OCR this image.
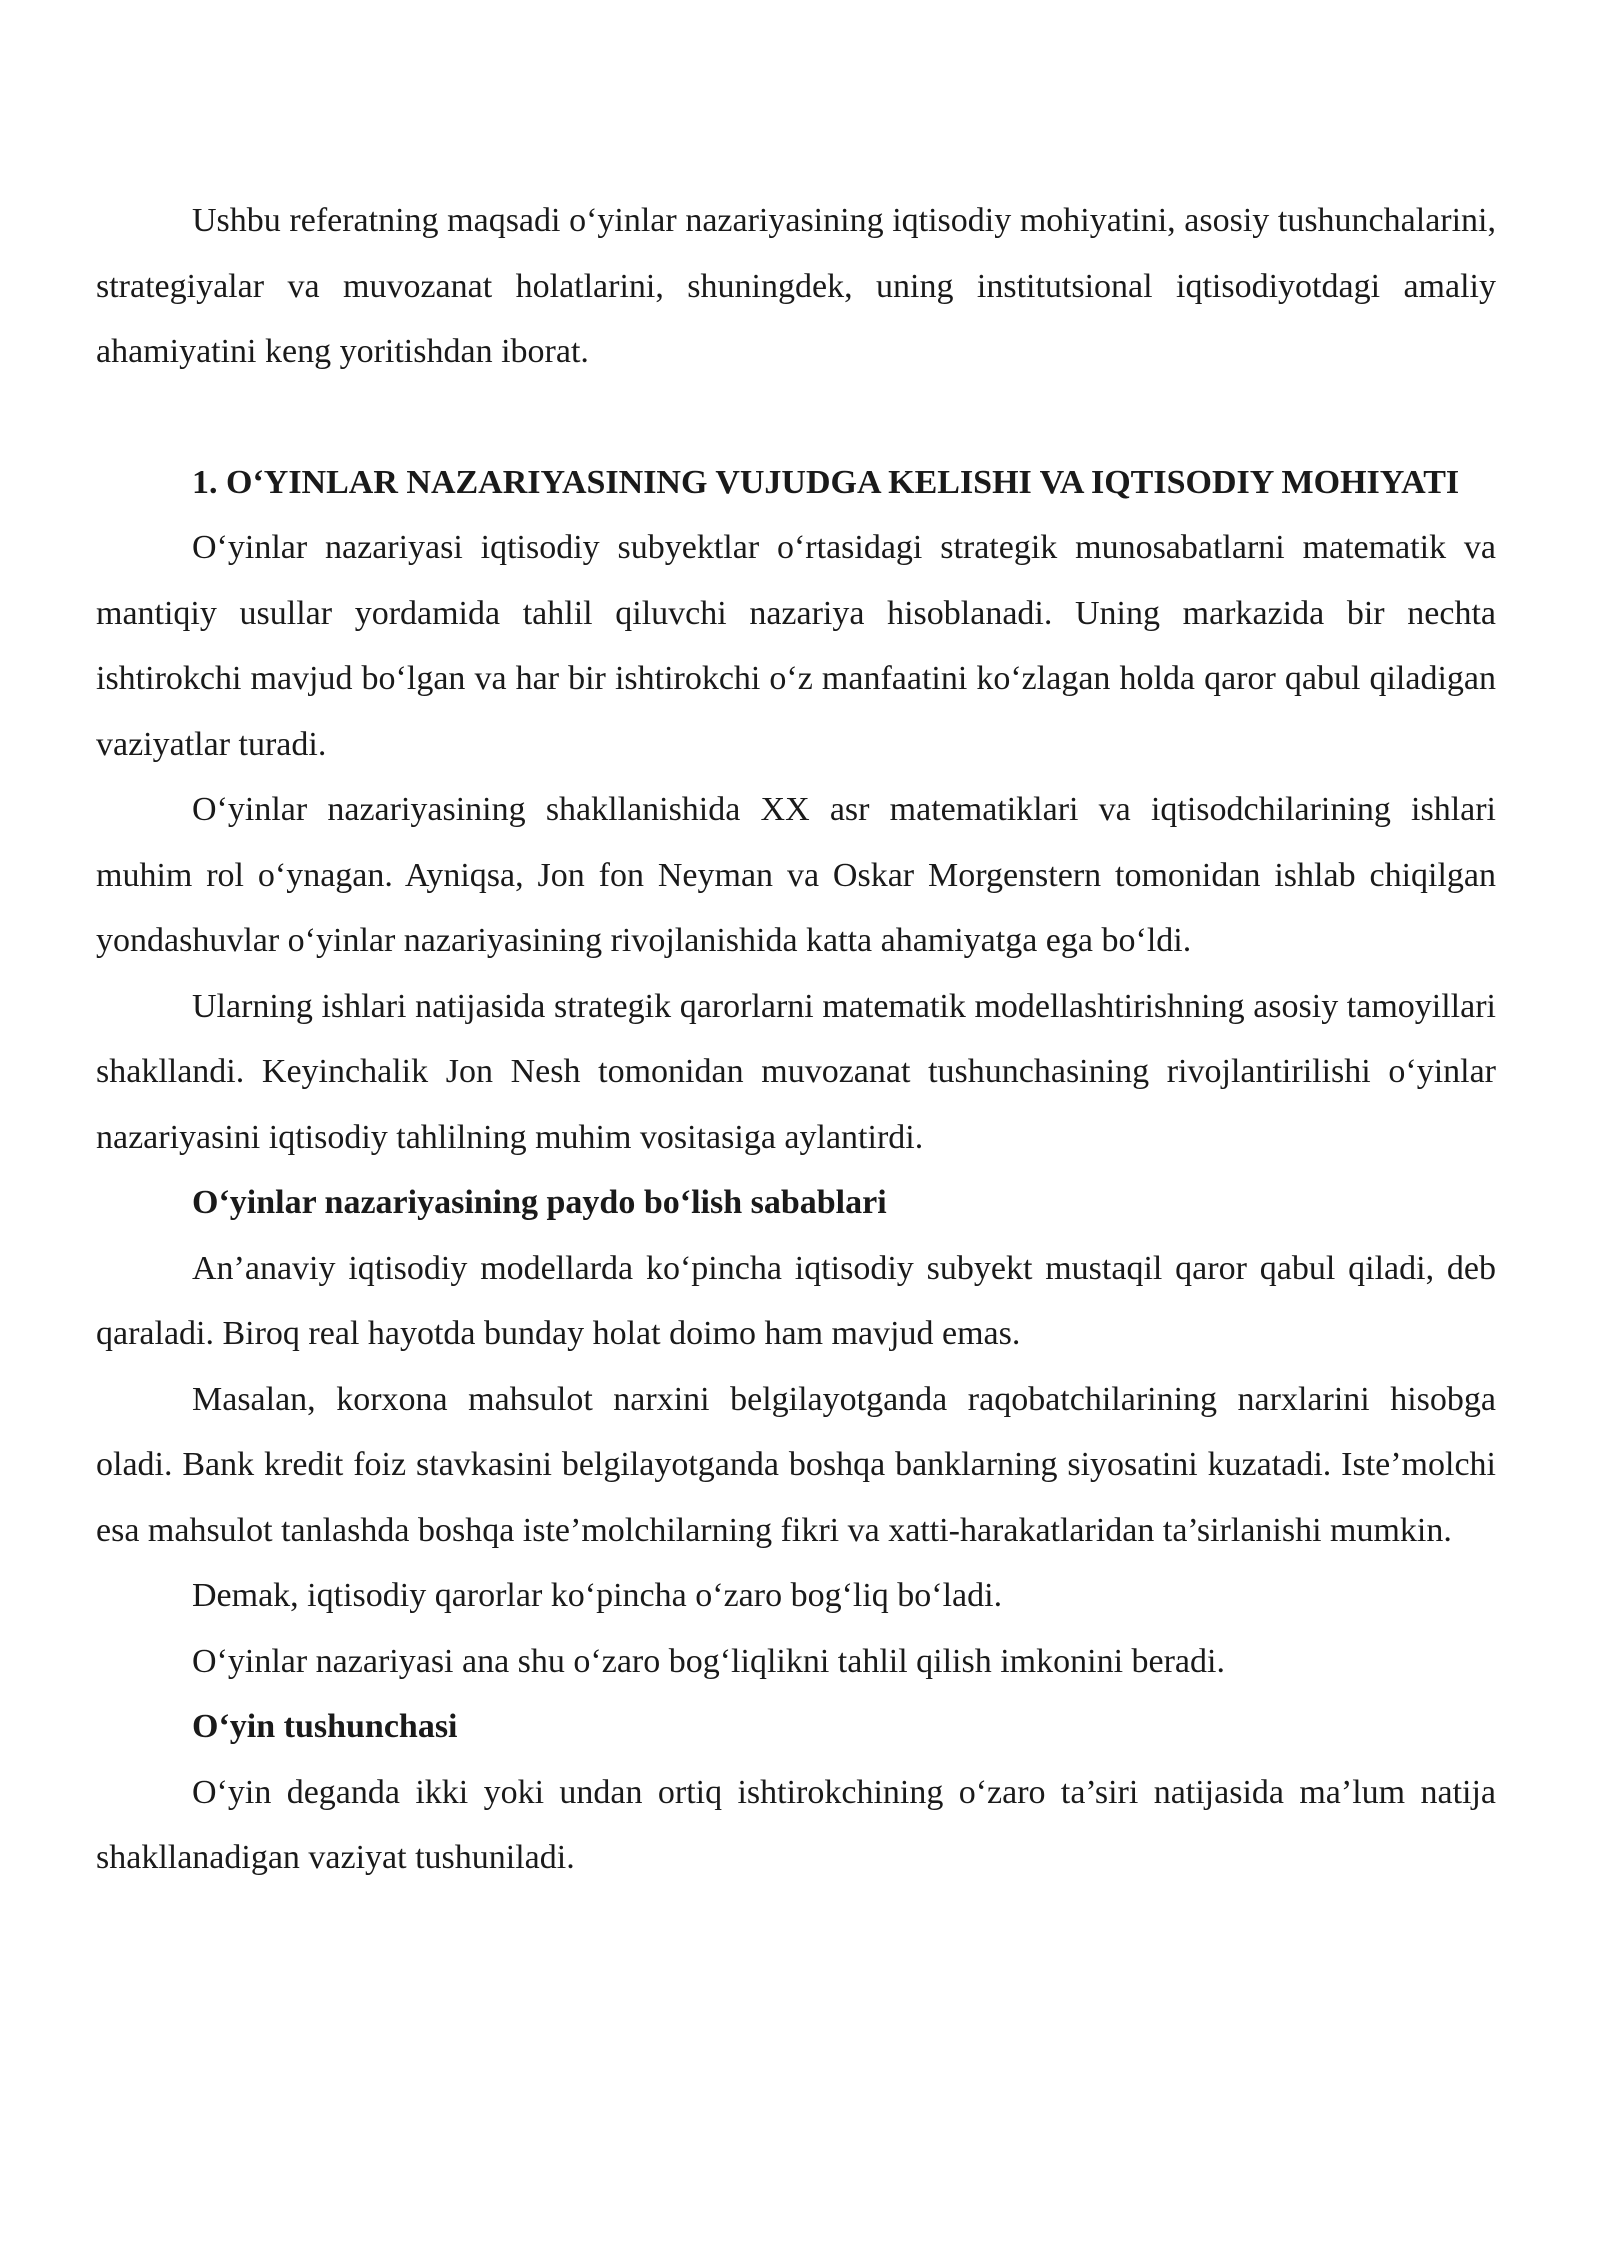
Ushbu referatning maqsadi o‘yinlar nazariyasining iqtisodiy mohiyatini, asosiy tushunchalarini, strategiyalar va muvozanat holatlarini, shuningdek, uning institutsional iqtisodiyotdagi amaliy ahamiyatini keng yoritishdan iborat.

1. O‘YINLAR NAZARIYASINING VUJUDGA KELISHI VA IQTISODIY MOHIYATI

O‘yinlar nazariyasi iqtisodiy subyektlar o‘rtasidagi strategik munosabatlarni matematik va mantiqiy usullar yordamida tahlil qiluvchi nazariya hisoblanadi. Uning markazida bir nechta ishtirokchi mavjud bo‘lgan va har bir ishtirokchi o‘z manfaatini ko‘zlagan holda qaror qabul qiladigan vaziyatlar turadi.

O‘yinlar nazariyasining shakllanishida XX asr matematiklari va iqtisodchilarining ishlari muhim rol o‘ynagan. Ayniqsa, Jon fon Neyman va Oskar Morgenstern tomonidan ishlab chiqilgan yondashuvlar o‘yinlar nazariyasining rivojlanishida katta ahamiyatga ega bo‘ldi.

Ularning ishlari natijasida strategik qarorlarni matematik modellashtirishning asosiy tamoyillari shakllandi. Keyinchalik Jon Nesh tomonidan muvozanat tushunchasining rivojlantirilishi o‘yinlar nazariyasini iqtisodiy tahlilning muhim vositasiga aylantirdi.

O‘yinlar nazariyasining paydo bo‘lish sabablari

An’anaviy iqtisodiy modellarda ko‘pincha iqtisodiy subyekt mustaqil qaror qabul qiladi, deb qaraladi. Biroq real hayotda bunday holat doimo ham mavjud emas.

Masalan, korxona mahsulot narxini belgilayotganda raqobatchilarining narxlarini hisobga oladi. Bank kredit foiz stavkasini belgilayotganda boshqa banklarning siyosatini kuzatadi. Iste’molchi esa mahsulot tanlashda boshqa iste’molchilarning fikri va xatti-harakatlaridan ta’sirlanishi mumkin.

Demak, iqtisodiy qarorlar ko‘pincha o‘zaro bog‘liq bo‘ladi.

O‘yinlar nazariyasi ana shu o‘zaro bog‘liqlikni tahlil qilish imkonini beradi.

O‘yin tushunchasi

O‘yin deganda ikki yoki undan ortiq ishtirokchining o‘zaro ta’siri natijasida ma’lum natija shakllanadigan vaziyat tushuniladi.
